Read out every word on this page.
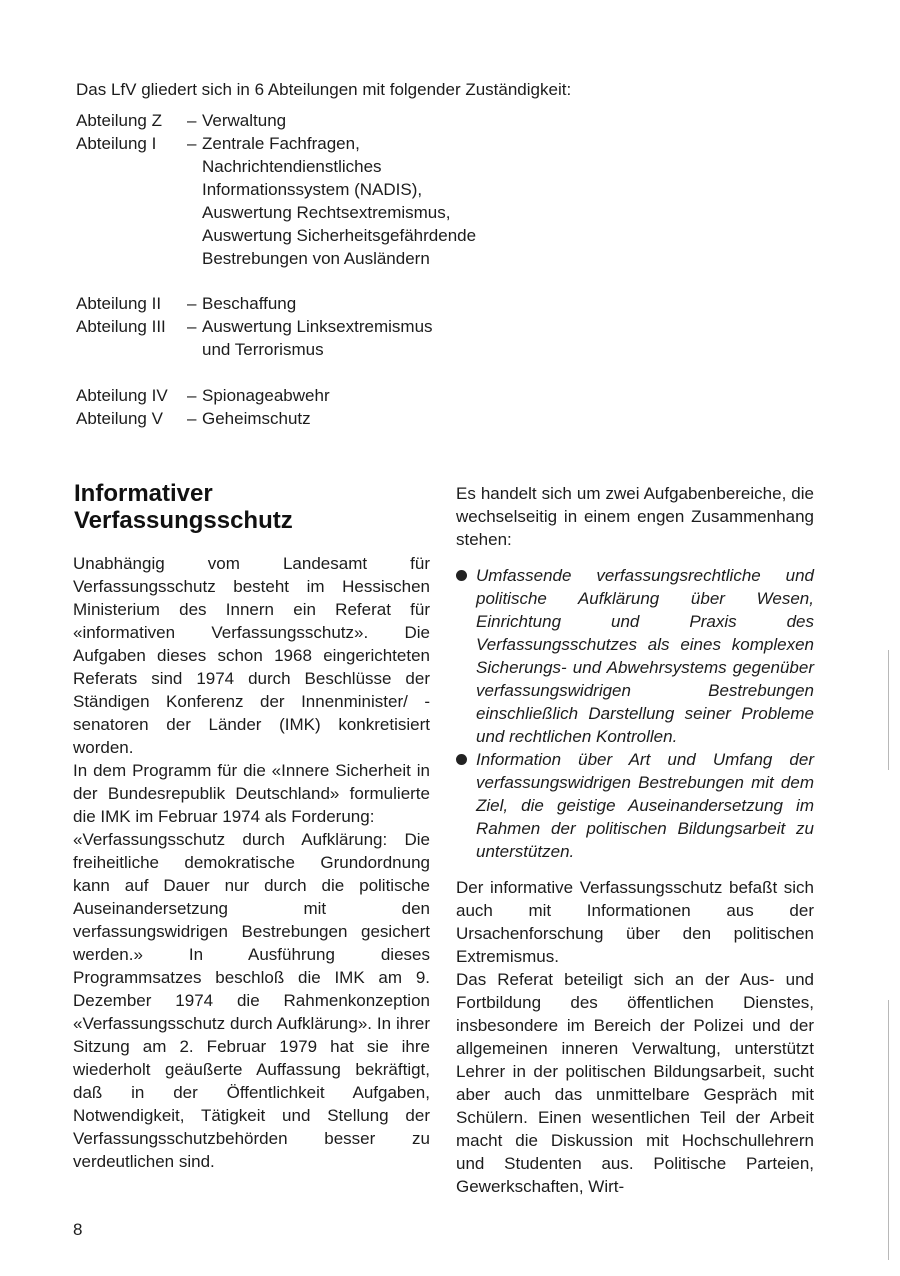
Das LfV gliedert sich in 6 Abteilungen mit folgender Zuständigkeit:
Abteilung Z – Verwaltung
Abteilung I – Zentrale Fachfragen,
Nachrichtendienstliches
Informationssystem (NADIS),
Auswertung Rechtsextremismus,
Auswertung Sicherheitsgefährdende
Bestrebungen von Ausländern
Abteilung II – Beschaffung
Abteilung III – Auswertung Linksextremismus
und Terrorismus
Abteilung IV – Spionageabwehr
Abteilung V – Geheimschutz
Informativer
Verfassungsschutz

Unabhängig vom Landesamt für Verfassungsschutz besteht im Hessischen Ministerium des Innern ein Referat für «informativen Verfassungsschutz». Die Aufgaben dieses schon 1968 eingerichteten Referats sind 1974 durch Beschlüsse der Ständigen Konferenz der Innenminister/ -senatoren der Länder (IMK) konkretisiert worden.

In dem Programm für die «Innere Sicherheit in der Bundesrepublik Deutschland» formulierte die IMK im Februar 1974 als Forderung:

«Verfassungsschutz durch Aufklärung: Die freiheitliche demokratische Grundordnung kann auf Dauer nur durch die politische Auseinandersetzung mit den verfassungswidrigen Bestrebungen gesichert werden.» In Ausführung dieses Programmsatzes beschloß die IMK am 9. Dezember 1974 die Rahmenkonzeption «Verfassungsschutz durch Aufklärung». In ihrer Sitzung am 2. Februar 1979 hat sie ihre wiederholt geäußerte Auffassung bekräftigt, daß in der Öffentlichkeit Aufgaben, Notwendigkeit, Tätigkeit und Stellung der Verfassungsschutzbehörden besser zu verdeutlichen sind.

Es handelt sich um zwei Aufgabenbereiche, die wechselseitig in einem engen Zusammenhang stehen:

Umfassende verfassungsrechtliche und politische Aufklärung über Wesen, Einrichtung und Praxis des Verfassungsschutzes als eines komplexen Sicherungs- und Abwehrsystems gegenüber verfassungswidrigen Bestrebungen einschließlich Darstellung seiner Probleme und rechtlichen Kontrollen.
Information über Art und Umfang der verfassungswidrigen Bestrebungen mit dem Ziel, die geistige Auseinandersetzung im Rahmen der politischen Bildungsarbeit zu unterstützen.

Der informative Verfassungsschutz befaßt sich auch mit Informationen aus der Ursachenforschung über den politischen Extremismus.

Das Referat beteiligt sich an der Aus- und Fortbildung des öffentlichen Dienstes, insbesondere im Bereich der Polizei und der allgemeinen inneren Verwaltung, unterstützt Lehrer in der politischen Bildungsarbeit, sucht aber auch das unmittelbare Gespräch mit Schülern. Einen wesentlichen Teil der Arbeit macht die Diskussion mit Hochschullehrern und Studenten aus. Politische Parteien, Gewerkschaften, Wirt-

8
